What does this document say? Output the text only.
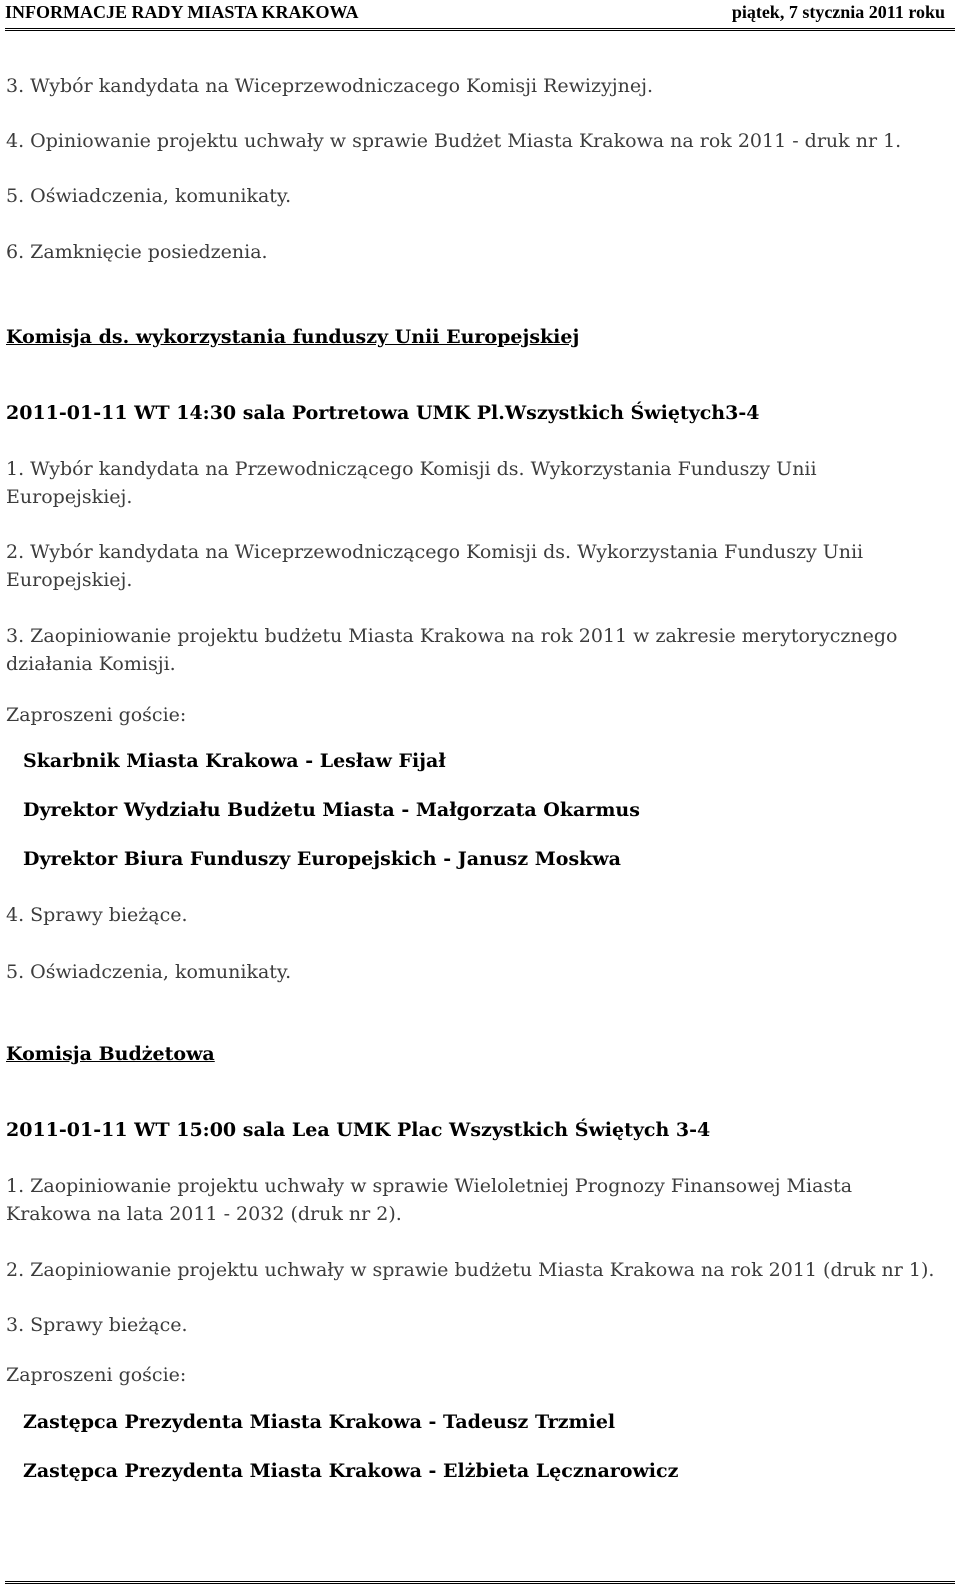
INFORMACJE RADY MIASTA KRAKOWA	piątek, 7 stycznia 2011 roku
3. Wybór kandydata na Wiceprzewodniczacego Komisji Rewizyjnej.
4. Opiniowanie projektu uchwały w sprawie Budżet Miasta Krakowa na rok 2011 - druk nr 1.
5. Oświadczenia, komunikaty.
6. Zamknięcie posiedzenia.
Komisja ds. wykorzystania funduszy Unii Europejskiej
2011-01-11 WT 14:30 sala Portretowa UMK Pl.Wszystkich Świętych3-4
1. Wybór kandydata na Przewodniczącego Komisji ds. Wykorzystania Funduszy Unii Europejskiej.
2. Wybór kandydata na Wiceprzewodniczącego Komisji ds. Wykorzystania Funduszy Unii Europejskiej.
3. Zaopiniowanie projektu budżetu Miasta Krakowa na rok 2011 w zakresie merytorycznego działania Komisji.
Zaproszeni goście:
Skarbnik Miasta Krakowa - Lesław Fijał
Dyrektor Wydziału Budżetu Miasta - Małgorzata Okarmus
Dyrektor Biura Funduszy Europejskich - Janusz Moskwa
4. Sprawy bieżące.
5. Oświadczenia, komunikaty.
Komisja Budżetowa
2011-01-11 WT 15:00 sala Lea UMK Plac Wszystkich Świętych 3-4
1. Zaopiniowanie projektu uchwały w sprawie Wieloletniej Prognozy Finansowej Miasta Krakowa na lata 2011 - 2032 (druk nr 2).
2. Zaopiniowanie projektu uchwały w sprawie budżetu Miasta Krakowa na rok 2011 (druk nr 1).
3. Sprawy bieżące.
Zaproszeni goście:
Zastępca Prezydenta Miasta Krakowa - Tadeusz Trzmiel
Zastępca Prezydenta Miasta Krakowa - Elżbieta Lęcznarowicz
